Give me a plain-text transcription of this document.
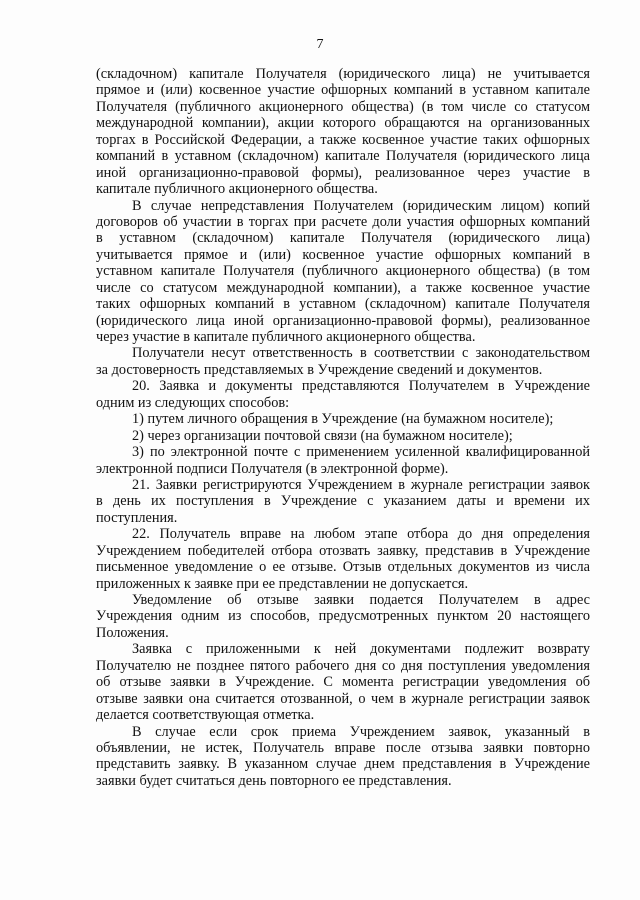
7
(складочном) капитале Получателя (юридического лица) не учитывается
прямое и (или) косвенное участие офшорных компаний в уставном капитале
Получателя (публичного акционерного общества) (в том числе со статусом
международной компании), акции которого обращаются на организованных
торгах в Российской Федерации, а также косвенное участие таких офшорных
компаний в уставном (складочном) капитале Получателя (юридического лица
иной организационно-правовой формы), реализованное через участие в
капитале публичного акционерного общества.
В случае непредставления Получателем (юридическим лицом) копий
договоров об участии в торгах при расчете доли участия офшорных компаний
в уставном (складочном) капитале Получателя (юридического лица)
учитывается прямое и (или) косвенное участие офшорных компаний в
уставном капитале Получателя (публичного акционерного общества) (в том
числе со статусом международной компании), а также косвенное участие
таких офшорных компаний в уставном (складочном) капитале Получателя
(юридического лица иной организационно-правовой формы), реализованное
через участие в капитале публичного акционерного общества.
Получатели несут ответственность в соответствии с законодательством
за достоверность представляемых в Учреждение сведений и документов.
20. Заявка и документы представляются Получателем в Учреждение
одним из следующих способов:
1) путем личного обращения в Учреждение (на бумажном носителе);
2) через организации почтовой связи (на бумажном носителе);
3) по электронной почте с применением усиленной квалифицированной
электронной подписи Получателя (в электронной форме).
21. Заявки регистрируются Учреждением в журнале регистрации заявок
в день их поступления в Учреждение с указанием даты и времени их
поступления.
22. Получатель вправе на любом этапе отбора до дня определения
Учреждением победителей отбора отозвать заявку, представив в Учреждение
письменное уведомление о ее отзыве. Отзыв отдельных документов из числа
приложенных к заявке при ее представлении не допускается.
Уведомление об отзыве заявки подается Получателем в адрес
Учреждения одним из способов, предусмотренных пунктом 20 настоящего
Положения.
Заявка с приложенными к ней документами подлежит возврату
Получателю не позднее пятого рабочего дня со дня поступления уведомления
об отзыве заявки в Учреждение. С момента регистрации уведомления об
отзыве заявки она считается отозванной, о чем в журнале регистрации заявок
делается соответствующая отметка.
В случае если срок приема Учреждением заявок, указанный в
объявлении, не истек, Получатель вправе после отзыва заявки повторно
представить заявку. В указанном случае днем представления в Учреждение
заявки будет считаться день повторного ее представления.
